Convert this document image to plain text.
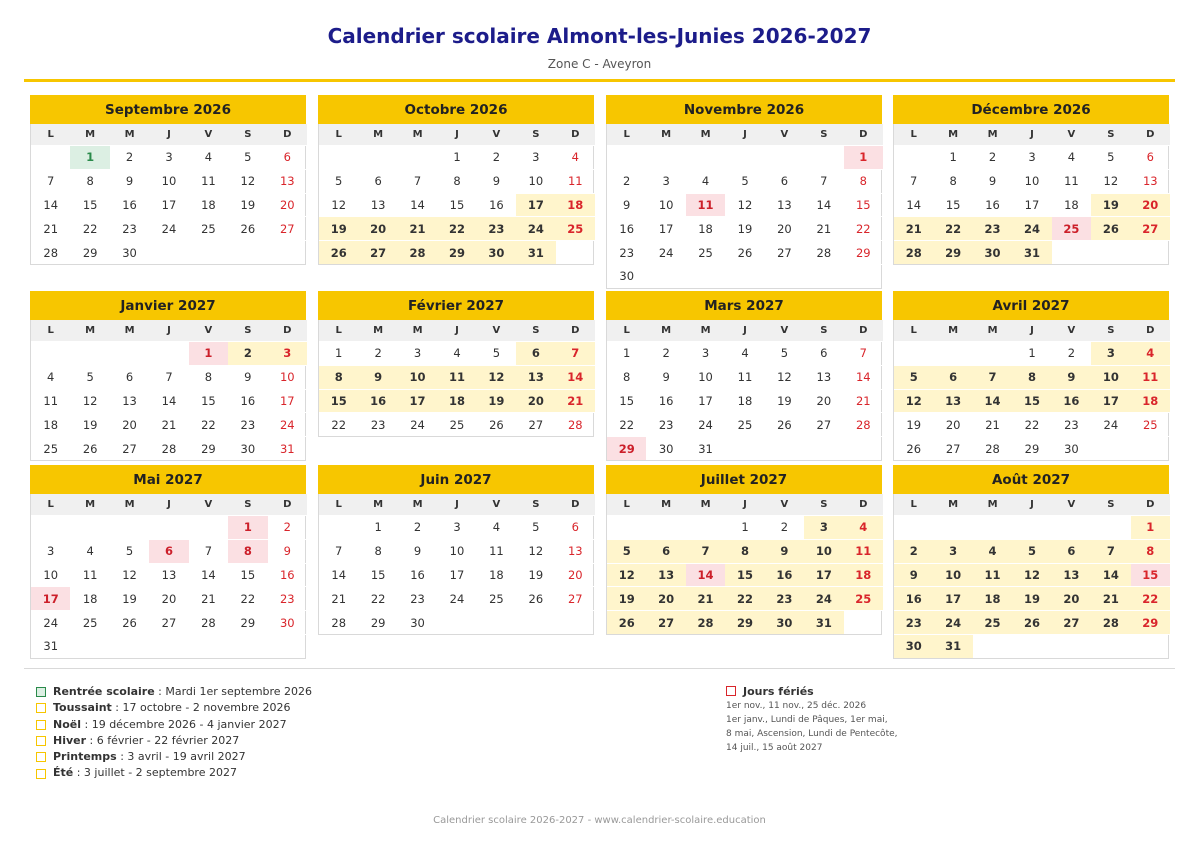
Calendrier scolaire Almont-les-Junies 2026-2027
Zone C - Aveyron
Septembre 2026
L	M	M	J	V	S	D
	1	2	3	4	5	6
7	8	9	10	11	12	13
14	15	16	17	18	19	20
21	22	23	24	25	26	27
28	29	30				
Octobre 2026
L	M	M	J	V	S	D
			1	2	3	4
5	6	7	8	9	10	11
12	13	14	15	16	17	18
19	20	21	22	23	24	25
26	27	28	29	30	31	
Novembre 2026
L	M	M	J	V	S	D
						1
2	3	4	5	6	7	8
9	10	11	12	13	14	15
16	17	18	19	20	21	22
23	24	25	26	27	28	29
30						
Décembre 2026
L	M	M	J	V	S	D
	1	2	3	4	5	6
7	8	9	10	11	12	13
14	15	16	17	18	19	20
21	22	23	24	25	26	27
28	29	30	31			
Janvier 2027
L	M	M	J	V	S	D
				1	2	3
4	5	6	7	8	9	10
11	12	13	14	15	16	17
18	19	20	21	22	23	24
25	26	27	28	29	30	31
Février 2027
L	M	M	J	V	S	D
1	2	3	4	5	6	7
8	9	10	11	12	13	14
15	16	17	18	19	20	21
22	23	24	25	26	27	28
Mars 2027
L	M	M	J	V	S	D
1	2	3	4	5	6	7
8	9	10	11	12	13	14
15	16	17	18	19	20	21
22	23	24	25	26	27	28
29	30	31				
Avril 2027
L	M	M	J	V	S	D
			1	2	3	4
5	6	7	8	9	10	11
12	13	14	15	16	17	18
19	20	21	22	23	24	25
26	27	28	29	30		
Mai 2027
L	M	M	J	V	S	D
					1	2
3	4	5	6	7	8	9
10	11	12	13	14	15	16
17	18	19	20	21	22	23
24	25	26	27	28	29	30
31						
Juin 2027
L	M	M	J	V	S	D
	1	2	3	4	5	6
7	8	9	10	11	12	13
14	15	16	17	18	19	20
21	22	23	24	25	26	27
28	29	30				
Juillet 2027
L	M	M	J	V	S	D
			1	2	3	4
5	6	7	8	9	10	11
12	13	14	15	16	17	18
19	20	21	22	23	24	25
26	27	28	29	30	31	
Août 2027
L	M	M	J	V	S	D
						1
2	3	4	5	6	7	8
9	10	11	12	13	14	15
16	17	18	19	20	21	22
23	24	25	26	27	28	29
30	31					
Rentrée scolaire : Mardi 1er septembre 2026
Toussaint : 17 octobre - 2 novembre 2026
Noël : 19 décembre 2026 - 4 janvier 2027
Hiver : 6 février - 22 février 2027
Printemps : 3 avril - 19 avril 2027
Été : 3 juillet - 2 septembre 2027
Jours fériés
1er nov., 11 nov., 25 déc. 2026
1er janv., Lundi de Pâques, 1er mai,
8 mai, Ascension, Lundi de Pentecôte,
14 juil., 15 août 2027
Calendrier scolaire 2026-2027 - www.calendrier-scolaire.education
